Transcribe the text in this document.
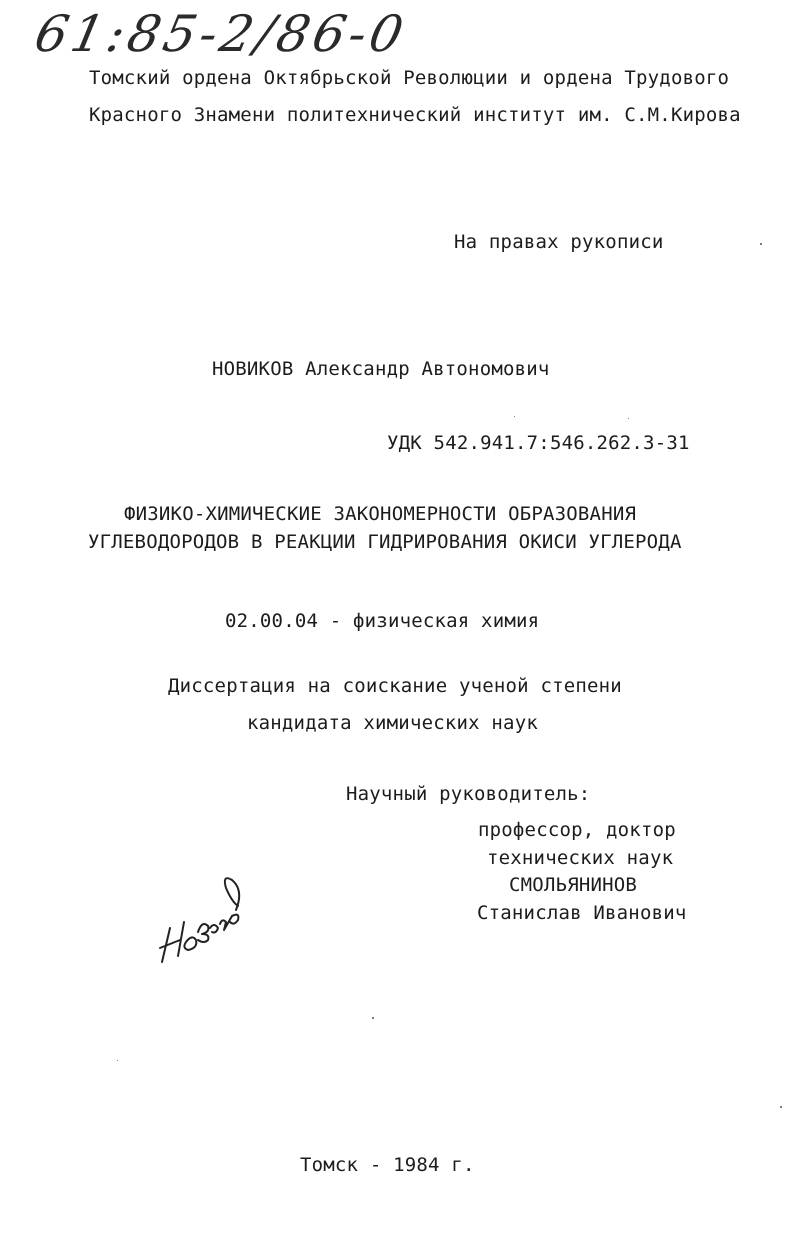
61:85-2/86-0
Томский ордена Октябрьской Революции и ордена Трудового
Красного Знамени политехнический институт им. С.М.Кирова
На правах рукописи
НОВИКОВ Александр Автономович
УДК 542.941.7:546.262.3-31
ФИЗИКО-ХИМИЧЕСКИЕ ЗАКОНОМЕРНОСТИ ОБРАЗОВАНИЯ
УГЛЕВОДОРОДОВ В РЕАКЦИИ ГИДРИРОВАНИЯ ОКИСИ УГЛЕРОДА
02.00.04 - физическая химия
Диссертация на соискание ученой степени
кандидата химических наук
Научный руководитель:
профессор, доктор
технических наук
СМОЛЬЯНИНОВ
Станислав Иванович
Томск - 1984 г.
